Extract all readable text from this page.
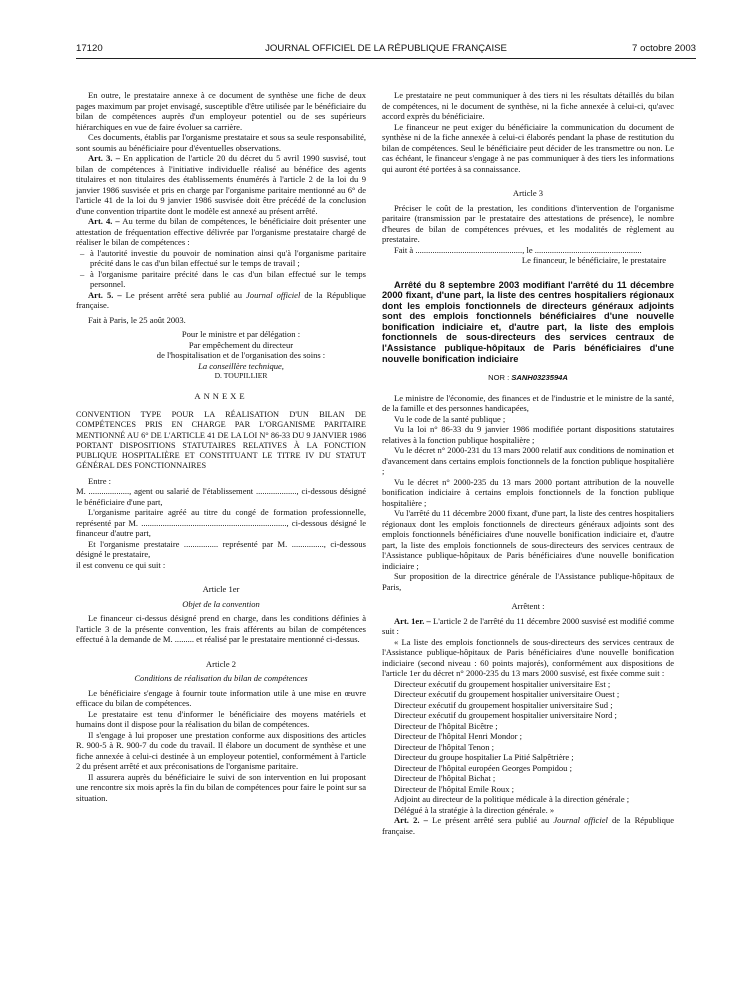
17120	JOURNAL OFFICIEL DE LA RÉPUBLIQUE FRANÇAISE	7 octobre 2003

En outre, le prestataire annexe à ce document de synthèse une fiche de deux pages maximum par projet envisagé, susceptible d'être utilisée par le bénéficiaire du bilan de compétences auprès d'un employeur potentiel ou de ses supérieurs hiérarchiques en vue de faire évoluer sa carrière.

Ces documents, établis par l'organisme prestataire et sous sa seule responsabilité, sont soumis au bénéficiaire pour d'éventuelles observations.

Art. 3. – En application de l'article 20 du décret du 5 avril 1990 susvisé, tout bilan de compétences à l'initiative individuelle réalisé au bénéfice des agents titulaires et non titulaires des établissements énumérés à l'article 2 de la loi du 9 janvier 1986 susvisée et pris en charge par l'organisme paritaire mentionné au 6° de l'article 41 de la loi du 9 janvier 1986 susvisée doit être précédé de la conclusion d'une convention tripartite dont le modèle est annexé au présent arrêté.

Art. 4. – Au terme du bilan de compétences, le bénéficiaire doit présenter une attestation de fréquentation effective délivrée par l'organisme prestataire chargé de réaliser le bilan de compétences :

– à l'autorité investie du pouvoir de nomination ainsi qu'à l'organisme paritaire précité dans le cas d'un bilan effectué sur le temps de travail ;

– à l'organisme paritaire précité dans le cas d'un bilan effectué sur le temps personnel.

Art. 5. – Le présent arrêté sera publié au Journal officiel de la République française.

Fait à Paris, le 25 août 2003.

Pour le ministre et par délégation :

Par empêchement du directeur

de l'hospitalisation et de l'organisation des soins :

La conseillère technique,

D. TOUPILLIER

ANNEXE

CONVENTION TYPE POUR LA RÉALISATION D'UN BILAN DE COMPÉTENCES PRIS EN CHARGE PAR L'ORGANISME PARITAIRE MENTIONNÉ AU 6° DE L'ARTICLE 41 DE LA LOI N° 86-33 DU 9 JANVIER 1986 PORTANT DISPOSITIONS STATUTAIRES RELATIVES À LA FONCTION PUBLIQUE HOSPITALIÈRE ET CONSTITUANT LE TITRE IV DU STATUT GÉNÉRAL DES FONCTIONNAIRES

Entre :

M. ..................., agent ou salarié de l'établissement ..................., ci-dessous désigné le bénéficiaire d'une part,

L'organisme paritaire agréé au titre du congé de formation professionnelle, représenté par M. ...................................................................., ci-dessous désigné le financeur d'autre part,

Et l'organisme prestataire ................ représenté par M. ..............., ci-dessous désigné le prestataire,

il est convenu ce qui suit :

Article 1er

Objet de la convention

Le financeur ci-dessus désigné prend en charge, dans les conditions définies à l'article 3 de la présente convention, les frais afférents au bilan de compétences effectué à la demande de M. ......... et réalisé par le prestataire mentionné ci-dessus.

Article 2

Conditions de réalisation du bilan de compétences

Le bénéficiaire s'engage à fournir toute information utile à une mise en œuvre efficace du bilan de compétences.

Le prestataire est tenu d'informer le bénéficiaire des moyens matériels et humains dont il dispose pour la réalisation du bilan de compétences.

Il s'engage à lui proposer une prestation conforme aux dispositions des articles R. 900-5 à R. 900-7 du code du travail. Il élabore un document de synthèse et une fiche annexée à celui-ci destinée à un employeur potentiel, conformément à l'article 2 du présent arrêté et aux préconisations de l'organisme paritaire.

Il assurera auprès du bénéficiaire le suivi de son intervention en lui proposant une rencontre six mois après la fin du bilan de compétences pour faire le point sur sa situation.

Le prestataire ne peut communiquer à des tiers ni les résultats détaillés du bilan de compétences, ni le document de synthèse, ni la fiche annexée à celui-ci, qu'avec accord exprès du bénéficiaire.

Le financeur ne peut exiger du bénéficiaire la communication du document de synthèse ni de la fiche annexée à celui-ci élaborés pendant la phase de restitution du bilan de compétences. Seul le bénéficiaire peut décider de les transmettre ou non. Le cas échéant, le financeur s'engage à ne pas communiquer à des tiers les informations qui auront été portées à sa connaissance.

Article 3

Préciser le coût de la prestation, les conditions d'intervention de l'organisme paritaire (transmission par le prestataire des attestations de présence), le nombre d'heures de bilan de compétences prévues, et les modalités de règlement au prestataire.

Fait à .................................................., le ..................................................

Le financeur, le bénéficiaire, le prestataire

Arrêté du 8 septembre 2003 modifiant l'arrêté du 11 décembre 2000 fixant, d'une part, la liste des centres hospitaliers régionaux dont les emplois fonctionnels de directeurs généraux adjoints sont des emplois fonctionnels bénéficiaires d'une nouvelle bonification indiciaire et, d'autre part, la liste des emplois fonctionnels de sous-directeurs des services centraux de l'Assistance publique-hôpitaux de Paris bénéficiaires d'une nouvelle bonification indiciaire

NOR : SANH0323594A

Le ministre de l'économie, des finances et de l'industrie et le ministre de la santé, de la famille et des personnes handicapées,

Vu le code de la santé publique ;

Vu la loi n° 86-33 du 9 janvier 1986 modifiée portant dispositions statutaires relatives à la fonction publique hospitalière ;

Vu le décret n° 2000-231 du 13 mars 2000 relatif aux conditions de nomination et d'avancement dans certains emplois fonctionnels de la fonction publique hospitalière ;

Vu le décret n° 2000-235 du 13 mars 2000 portant attribution de la nouvelle bonification indiciaire à certains emplois fonctionnels de la fonction publique hospitalière ;

Vu l'arrêté du 11 décembre 2000 fixant, d'une part, la liste des centres hospitaliers régionaux dont les emplois fonctionnels de directeurs généraux adjoints sont des emplois fonctionnels bénéficiaires d'une nouvelle bonification indiciaire et, d'autre part, la liste des emplois fonctionnels de sous-directeurs des services centraux de l'Assistance publique-hôpitaux de Paris bénéficiaires d'une nouvelle bonification indiciaire ;

Sur proposition de la directrice générale de l'Assistance publique-hôpitaux de Paris,

Arrêtent :

Art. 1er. – L'article 2 de l'arrêté du 11 décembre 2000 susvisé est modifié comme suit :

« La liste des emplois fonctionnels de sous-directeurs des services centraux de l'Assistance publique-hôpitaux de Paris bénéficiaires d'une nouvelle bonification indiciaire (second niveau : 60 points majorés), conformément aux dispositions de l'article 1er du décret n° 2000-235 du 13 mars 2000 susvisé, est fixée comme suit :

Directeur exécutif du groupement hospitalier universitaire Est ;

Directeur exécutif du groupement hospitalier universitaire Ouest ;

Directeur exécutif du groupement hospitalier universitaire Sud ;

Directeur exécutif du groupement hospitalier universitaire Nord ;

Directeur de l'hôpital Bicêtre ;

Directeur de l'hôpital Henri Mondor ;

Directeur de l'hôpital Tenon ;

Directeur du groupe hospitalier La Pitié Salpêtrière ;

Directeur de l'hôpital européen Georges Pompidou ;

Directeur de l'hôpital Bichat ;

Directeur de l'hôpital Emile Roux ;

Adjoint au directeur de la politique médicale à la direction générale ;

Délégué à la stratégie à la direction générale. »

Art. 2. – Le présent arrêté sera publié au Journal officiel de la République française.
